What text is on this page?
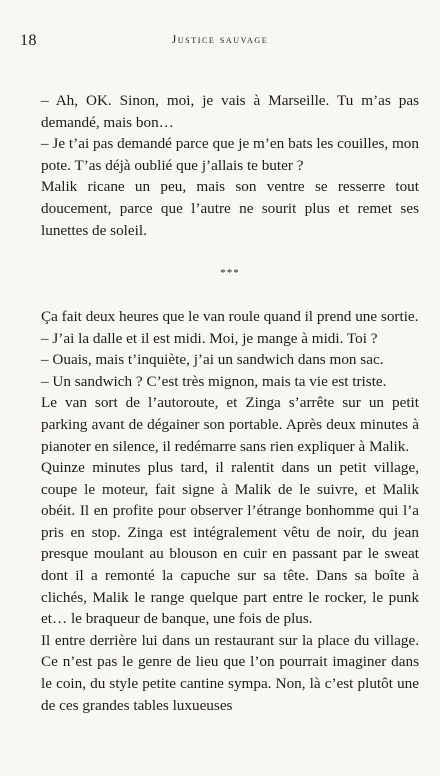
18	Justice sauvage

– Ah, OK. Sinon, moi, je vais à Marseille. Tu m’as pas demandé, mais bon…

– Je t’ai pas demandé parce que je m’en bats les couilles, mon pote. T’as déjà oublié que j’allais te buter ?

Malik ricane un peu, mais son ventre se resserre tout doucement, parce que l’autre ne sourit plus et remet ses lunettes de soleil.

***

Ça fait deux heures que le van roule quand il prend une sortie.

– J’ai la dalle et il est midi. Moi, je mange à midi. Toi ?

– Ouais, mais t’inquiète, j’ai un sandwich dans mon sac.

– Un sandwich ? C’est très mignon, mais ta vie est triste.

Le van sort de l’autoroute, et Zinga s’arrête sur un petit parking avant de dégainer son portable. Après deux minutes à pianoter en silence, il redémarre sans rien expliquer à Malik.

Quinze minutes plus tard, il ralentit dans un petit village, coupe le moteur, fait signe à Malik de le suivre, et Malik obéit. Il en profite pour observer l’étrange bonhomme qui l’a pris en stop. Zinga est intégralement vêtu de noir, du jean presque moulant au blouson en cuir en passant par le sweat dont il a remonté la capuche sur sa tête. Dans sa boîte à clichés, Malik le range quelque part entre le rocker, le punk et… le braqueur de banque, une fois de plus.

Il entre derrière lui dans un restaurant sur la place du village. Ce n’est pas le genre de lieu que l’on pourrait imaginer dans le coin, du style petite cantine sympa. Non, là c’est plutôt une de ces grandes tables luxueuses
